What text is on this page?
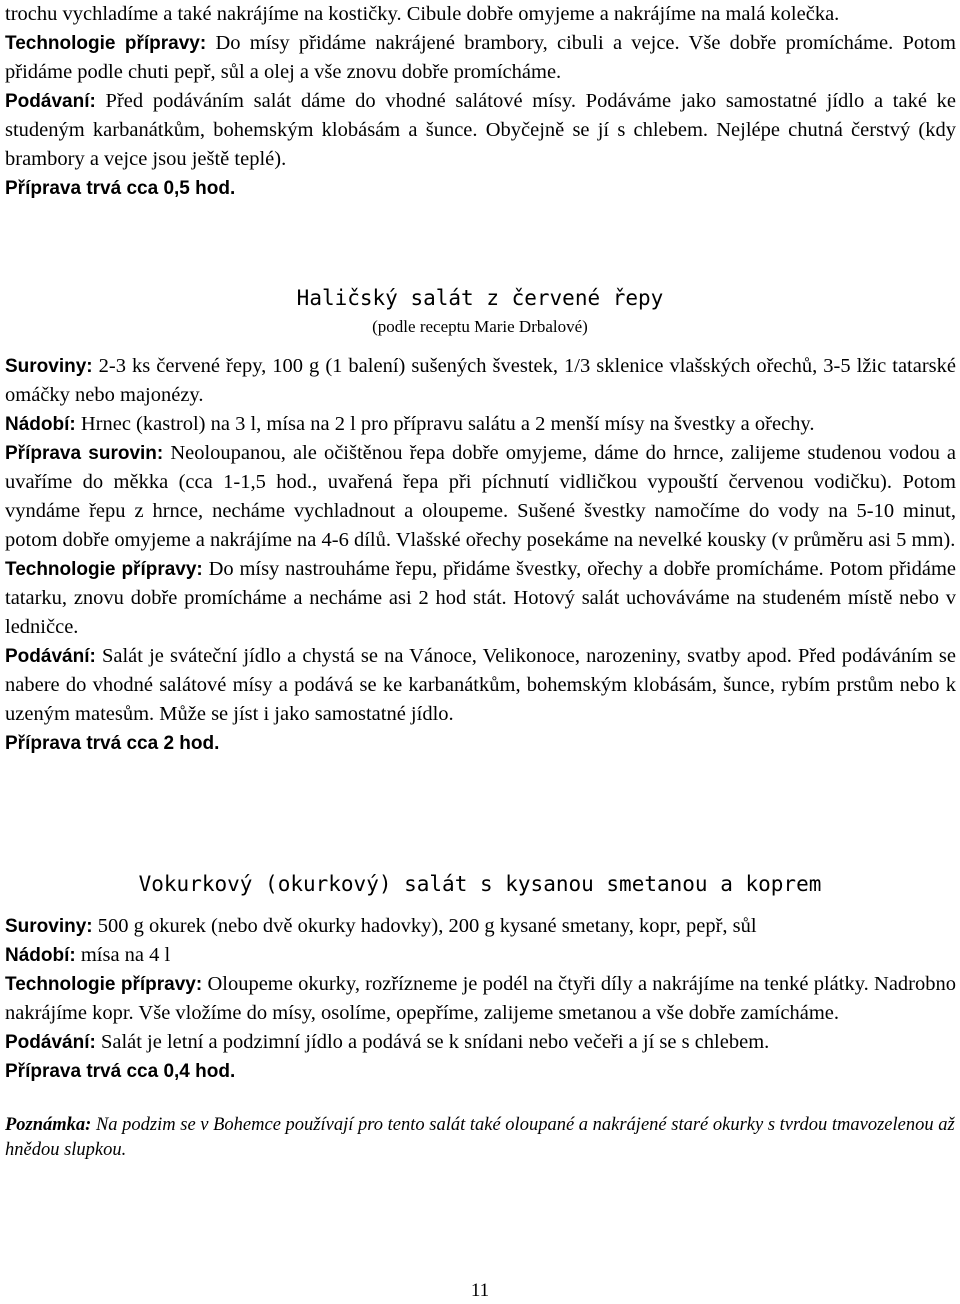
trochu vychladíme a také nakrájíme na kostičky. Cibule dobře omyjeme a nakrájíme na malá kolečka.
Technologie přípravy: Do mísy přidáme nakrájené brambory, cibuli a vejce. Vše dobře promícháme. Potom přidáme podle chuti pepř, sůl a olej a vše znovu dobře promícháme.
Podávaní: Před podáváním salát dáme do vhodné salátové mísy. Podáváme jako samostatné jídlo a také ke studeným karbanátkům, bohemským klobásám a šunce. Obyčejně se jí s chlebem. Nejlépe chutná čerstvý (kdy brambory a vejce jsou ještě teplé).
Příprava trvá cca 0,5 hod.

Haličský salát z červené řepy

(podle receptu Marie Drbalové)

Suroviny: 2-3 ks červené řepy, 100 g (1 balení) sušených švestek, 1/3 sklenice vlašských ořechů, 3-5 lžic tatarské omáčky nebo majonézy.
Nádobí: Hrnec (kastrol) na 3 l, mísa na 2 l pro přípravu salátu a 2 menší mísy na švestky a ořechy.
Příprava surovin: Neoloupanou, ale očištěnou řepa dobře omyjeme, dáme do hrnce, zalijeme studenou vodou a uvaříme do měkka (cca 1-1,5 hod., uvařená řepa při píchnutí vidličkou vypouští červenou vodičku). Potom vyndáme řepu z hrnce, necháme vychladnout a oloupeme. Sušené švestky namočíme do vody na 5-10 minut, potom dobře omyjeme a nakrájíme na 4-6 dílů. Vlašské ořechy posekáme na nevelké kousky (v průměru asi 5 mm).
Technologie přípravy: Do mísy nastrouháme řepu, přidáme švestky, ořechy a dobře promícháme. Potom přidáme tatarku, znovu dobře promícháme a necháme asi 2 hod stát. Hotový salát uchováváme na studeném místě nebo v ledničce.
Podávání: Salát je sváteční jídlo a chystá se na Vánoce, Velikonoce, narozeniny, svatby apod. Před podáváním se nabere do vhodné salátové mísy a podává se ke karbanátkům, bohemským klobásám, šunce, rybím prstům nebo k uzeným matesům. Může se jíst i jako samostatné jídlo.
Příprava trvá cca 2 hod.

Vokurkový (okurkový) salát s kysanou smetanou a koprem

Suroviny: 500 g okurek (nebo dvě okurky hadovky), 200 g kysané smetany, kopr, pepř, sůl
Nádobí: mísa na 4 l
Technologie přípravy: Oloupeme okurky, rozřízneme je podél na čtyři díly a nakrájíme na tenké plátky. Nadrobno nakrájíme kopr. Vše vložíme do mísy, osolíme, opepříme, zalijeme smetanou a vše dobře zamícháme.
Podávání: Salát je letní a podzimní jídlo a podává se k snídani nebo večeři a jí se s chlebem.
Příprava trvá cca 0,4 hod.

Poznámka: Na podzim se v Bohemce používají pro tento salát také oloupané a nakrájené staré okurky s tvrdou tmavozelenou až hnědou slupkou.

11
